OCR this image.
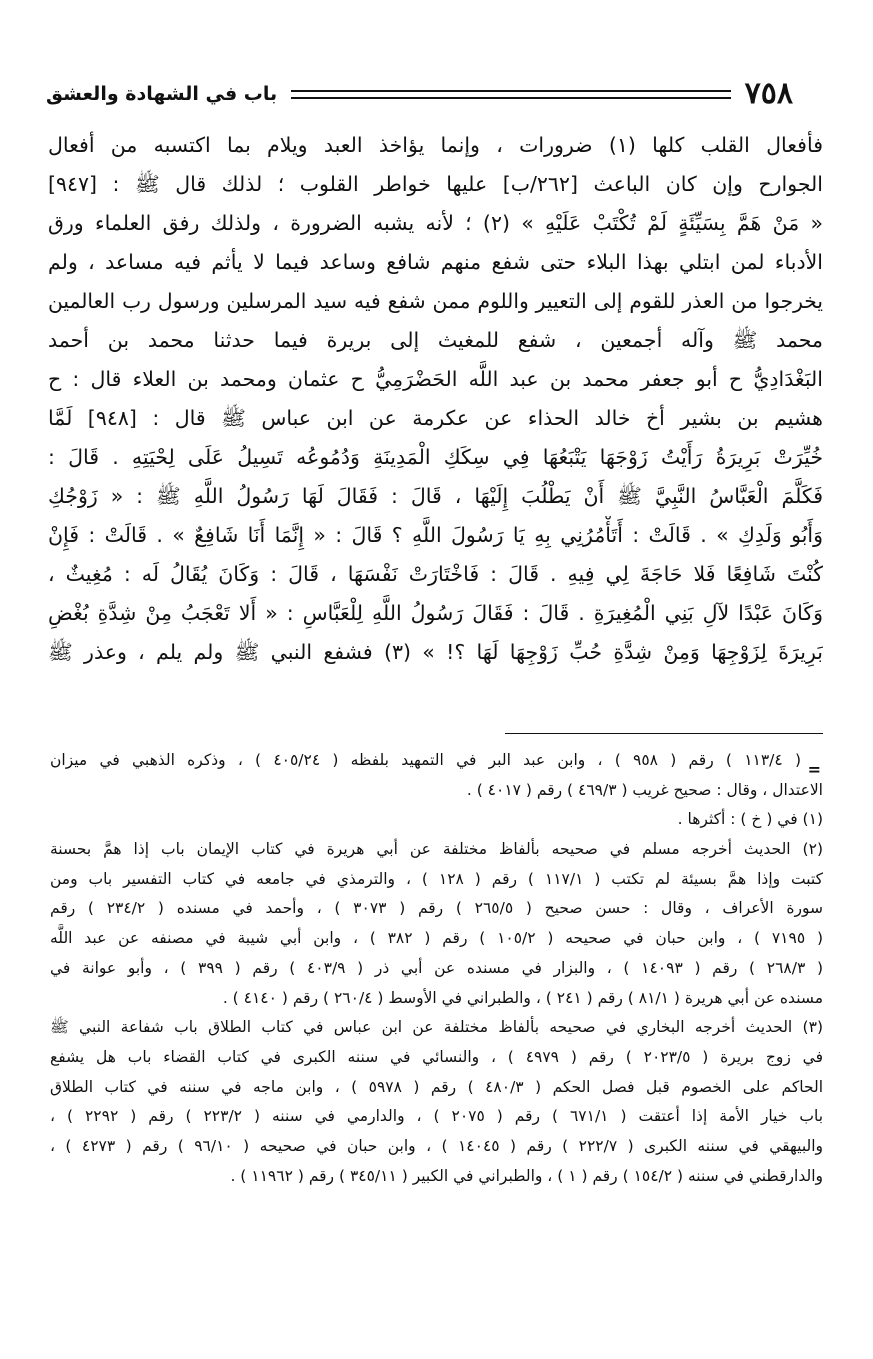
٧٥٨
باب في الشهادة والعشق
فأفعال القلب كلها (١) ضرورات ، وإنما يؤاخذ العبد ويلام بما اكتسبه من أفعال
الجوارح وإن كان الباعث [٢٦٢/ب] عليها خواطر القلوب ؛ لذلك قال ﷺ : [٩٤٧]
« مَنْ هَمَّ بِسَيِّئَةٍ لَمْ تُكْتَبْ عَلَيْهِ » (٢) ؛ لأنه يشبه الضرورة ، ولذلك رفق العلماء ورق
الأدباء لمن ابتلي بهذا البلاء حتى شفع منهم شافع وساعد فيما لا يأثم فيه مساعد ، ولم
يخرجوا من العذر للقوم إلى التعيير واللوم ممن شفع فيه سيد المرسلين ورسول رب العالمين
محمد ﷺ وآله أجمعين ، شفع للمغيث إلى بريرة فيما حدثنا محمد بن أحمد
البَغْدَادِيُّ ح أبو جعفر محمد بن عبد اللَّه الحَضْرَمِيُّ ح عثمان ومحمد بن العلاء قال : ح
هشيم بن بشير أخ خالد الحذاء عن عكرمة عن ابن عباس ﷺ قال : [٩٤٨] لَمَّا
خُيِّرَتْ بَرِيرَةُ رَأَيْتُ زَوْجَهَا يَتْبَعُهَا فِي سِكَكِ الْمَدِينَةِ وَدُمُوعُه تَسِيلُ عَلَى لِحْيَتِهِ . قَالَ :
فَكَلَّمَ الْعَبَّاسُ النَّبِيَّ ﷺ أَنْ يَطْلُبَ إِلَيْهَا ، قَالَ : فَقَالَ لَهَا رَسُولُ اللَّهِ ﷺ : « زَوْجُكِ
وَأَبُو وَلَدِكِ » . قَالَتْ : أَتَأْمُرُنِي بِهِ يَا رَسُولَ اللَّهِ ؟ قَالَ : « إِنَّمَا أَنَا شَافِعٌ » . قَالَتْ : فَإِنْ
كُنْتَ شَافِعًا فَلا حَاجَةَ لِي فِيهِ . قَالَ : فَاخْتَارَتْ نَفْسَهَا ، قَالَ : وَكَانَ يُقَالُ لَه : مُغِيثٌ ،
وَكَانَ عَبْدًا لآلِ بَنِي الْمُغِيرَةِ . قَالَ : فَقَالَ رَسُولُ اللَّهِ لِلْعَبَّاسِ : « أَلا تَعْجَبُ مِنْ شِدَّةِ بُغْضِ
بَرِيرَةَ لِزَوْجِهَا وَمِنْ شِدَّةِ حُبِّ زَوْجِهَا لَهَا ؟! » (٣) فشفع النبي ﷺ ولم يلم ، وعذر ﷺ
=
( ١١٣/٤ ) رقم ( ٩٥٨ ) ، وابن عبد البر في التمهيد بلفظه ( ٤٠٥/٢٤ ) ، وذكره الذهبي في ميزان
الاعتدال ، وقال : صحيح غريب ( ٤٦٩/٣ ) رقم ( ٤٠١٧ ) .
(١) في ( خ ) : أكثرها .
(٢) الحديث أخرجه مسلم في صحيحه بألفاظ مختلفة عن أبي هريرة في كتاب الإيمان باب إذا همَّ بحسنة
كتبت وإذا همَّ بسيئة لم تكتب ( ١١٧/١ ) رقم ( ١٢٨ ) ، والترمذي في جامعه في كتاب التفسير باب ومن
سورة الأعراف ، وقال : حسن صحيح ( ٢٦٥/٥ ) رقم ( ٣٠٧٣ ) ، وأحمد في مسنده ( ٢٣٤/٢ ) رقم
( ٧١٩٥ ) ، وابن حبان في صحيحه ( ١٠٥/٢ ) رقم ( ٣٨٢ ) ، وابن أبي شيبة في مصنفه عن عبد اللَّه
( ٢٦٨/٣ ) رقم ( ١٤٠٩٣ ) ، والبزار في مسنده عن أبي ذر ( ٤٠٣/٩ ) رقم ( ٣٩٩ ) ، وأبو عوانة في
مسنده عن أبي هريرة ( ٨١/١ ) رقم ( ٢٤١ ) ، والطبراني في الأوسط ( ٢٦٠/٤ ) رقم ( ٤١٤٠ ) .
(٣) الحديث أخرجه البخاري في صحيحه بألفاظ مختلفة عن ابن عباس في كتاب الطلاق باب شفاعة النبي ﷺ
في زوج بريرة ( ٢٠٢٣/٥ ) رقم ( ٤٩٧٩ ) ، والنسائي في سننه الكبرى في كتاب القضاء باب هل يشفع
الحاكم على الخصوم قبل فصل الحكم ( ٤٨٠/٣ ) رقم ( ٥٩٧٨ ) ، وابن ماجه في سننه في كتاب الطلاق
باب خيار الأمة إذا أعتقت ( ٦٧١/١ ) رقم ( ٢٠٧٥ ) ، والدارمي في سننه ( ٢٢٣/٢ ) رقم ( ٢٢٩٢ ) ،
والبيهقي في سننه الكبرى ( ٢٢٢/٧ ) رقم ( ١٤٠٤٥ ) ، وابن حبان في صحيحه ( ٩٦/١٠ ) رقم ( ٤٢٧٣ ) ،
والدارقطني في سننه ( ١٥٤/٢ ) رقم ( ١ ) ، والطبراني في الكبير ( ٣٤٥/١١ ) رقم ( ١١٩٦٢ ) .
